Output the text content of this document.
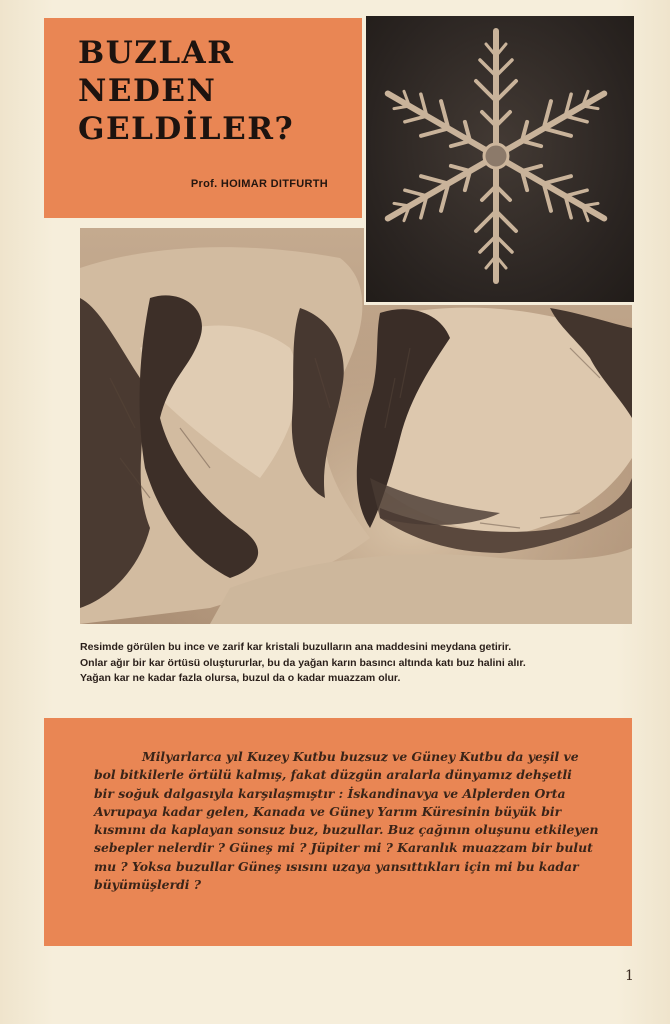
BUZLAR
NEDEN
GELDİLER?
Prof. HOIMAR DITFURTH

Resimde görülen bu ince ve zarif kar kristali buzulların ana maddesini meydana getirir.
Onlar ağır bir kar örtüsü oluştururlar, bu da yağan karın basıncı altında katı buz halini alır.
Yağan kar ne kadar fazla olursa, buzul da o kadar muazzam olur.

Milyarlarca yıl Kuzey Kutbu buzsuz ve Güney Kutbu da yeşil ve
bol bitkilerle örtülü kalmış, fakat düzgün aralarla dünyamız dehşetli
bir soğuk dalgasıyla karşılaşmıştır : İskandinavya ve Alplerden Orta
Avrupaya kadar gelen, Kanada ve Güney Yarım Küresinin büyük bir
kısmını da kaplayan sonsuz buz, buzullar. Buz çağının oluşunu etkileyen
sebepler nelerdir ? Güneş mi ? Jüpiter mi ? Karanlık muazzam bir bulut
mu ? Yoksa buzullar Güneş ısısını uzaya yansıttıkları için mi bu kadar
büyümüşlerdi ?

1
